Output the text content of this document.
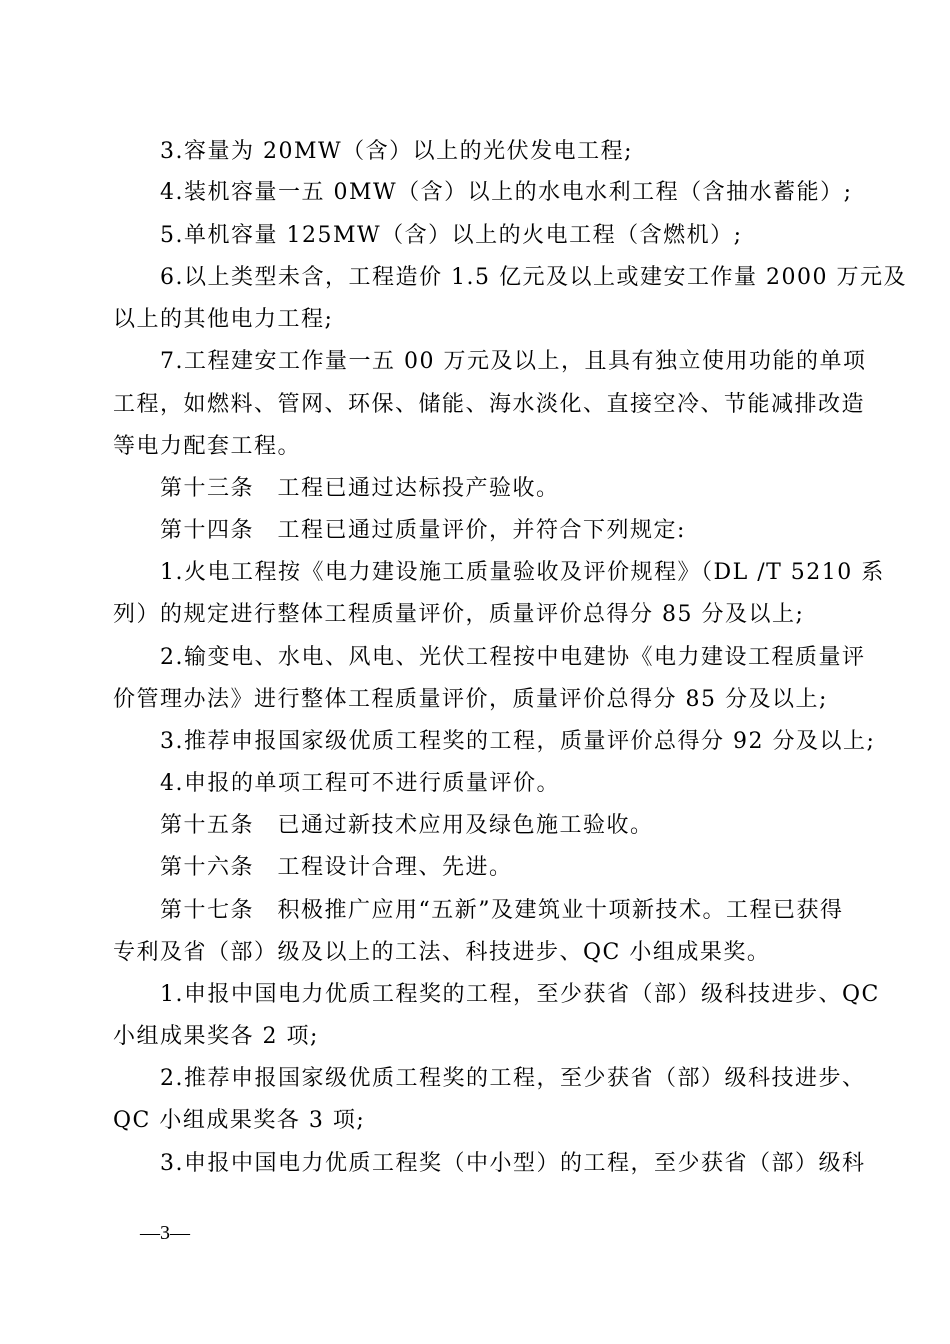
3.容量为 20MW（含）以上的光伏发电工程;
4.装机容量一五 0MW（含）以上的水电水利工程（含抽水蓄能）;
5.单机容量 125MW（含）以上的火电工程（含燃机）;
6.以上类型未含，工程造价 1.5 亿元及以上或建安工作量 2000 万元及
以上的其他电力工程;
7.工程建安工作量一五 00 万元及以上，且具有独立使用功能的单项
工程，如燃料、管网、环保、储能、海水淡化、直接空冷、节能减排改造
等电力配套工程。
第十三条　工程已通过达标投产验收。
第十四条　工程已通过质量评价，并符合下列规定:
1.火电工程按《电力建设施工质量验收及评价规程》（DL /T 5210 系
列）的规定进行整体工程质量评价，质量评价总得分 85 分及以上;
2.输变电、水电、风电、光伏工程按中电建协《电力建设工程质量评
价管理办法》进行整体工程质量评价，质量评价总得分 85 分及以上;
3.推荐申报国家级优质工程奖的工程，质量评价总得分 92 分及以上;
4.申报的单项工程可不进行质量评价。
第十五条　已通过新技术应用及绿色施工验收。
第十六条　工程设计合理、先进。
第十七条　积极推广应用“五新”及建筑业十项新技术。工程已获得
专利及省（部）级及以上的工法、科技进步、QC 小组成果奖。
1.申报中国电力优质工程奖的工程，至少获省（部）级科技进步、QC
小组成果奖各 2 项;
2.推荐申报国家级优质工程奖的工程，至少获省（部）级科技进步、
QC 小组成果奖各 3 项;
3.申报中国电力优质工程奖（中小型）的工程，至少获省（部）级科
—3—
